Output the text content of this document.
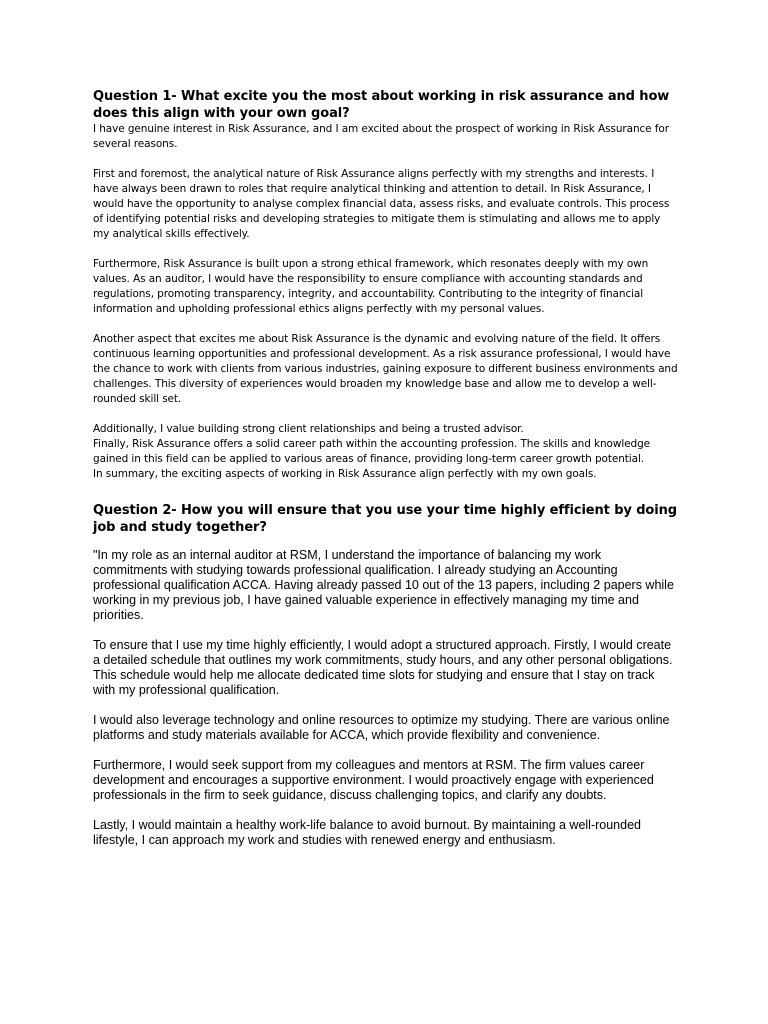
Question 1- What excite you the most about working in risk assurance and how does this align with your own goal?

I have genuine interest in Risk Assurance, and I am excited about the prospect of working in Risk Assurance for several reasons.

First and foremost, the analytical nature of Risk Assurance aligns perfectly with my strengths and interests. I have always been drawn to roles that require analytical thinking and attention to detail. In Risk Assurance, I would have the opportunity to analyse complex financial data, assess risks, and evaluate controls. This process of identifying potential risks and developing strategies to mitigate them is stimulating and allows me to apply my analytical skills effectively.

Furthermore, Risk Assurance is built upon a strong ethical framework, which resonates deeply with my own values. As an auditor, I would have the responsibility to ensure compliance with accounting standards and regulations, promoting transparency, integrity, and accountability. Contributing to the integrity of financial information and upholding professional ethics aligns perfectly with my personal values.

Another aspect that excites me about Risk Assurance is the dynamic and evolving nature of the field. It offers continuous learning opportunities and professional development. As a risk assurance professional, I would have the chance to work with clients from various industries, gaining exposure to different business environments and challenges. This diversity of experiences would broaden my knowledge base and allow me to develop a well-rounded skill set.

Additionally, I value building strong client relationships and being a trusted advisor.

Finally, Risk Assurance offers a solid career path within the accounting profession. The skills and knowledge gained in this field can be applied to various areas of finance, providing long-term career growth potential.

In summary, the exciting aspects of working in Risk Assurance align perfectly with my own goals.

Question 2- How you will ensure that you use your time highly efficient by doing job and study together?

"In my role as an internal auditor at RSM, I understand the importance of balancing my work commitments with studying towards professional qualification. I already studying an Accounting professional qualification ACCA. Having already passed 10 out of the 13 papers, including 2 papers while working in my previous job, I have gained valuable experience in effectively managing my time and priorities.

To ensure that I use my time highly efficiently, I would adopt a structured approach. Firstly, I would create a detailed schedule that outlines my work commitments, study hours, and any other personal obligations. This schedule would help me allocate dedicated time slots for studying and ensure that I stay on track with my professional qualification.

I would also leverage technology and online resources to optimize my studying. There are various online platforms and study materials available for ACCA, which provide flexibility and convenience.

Furthermore, I would seek support from my colleagues and mentors at RSM. The firm values career development and encourages a supportive environment. I would proactively engage with experienced professionals in the firm to seek guidance, discuss challenging topics, and clarify any doubts.

Lastly, I would maintain a healthy work-life balance to avoid burnout. By maintaining a well-rounded lifestyle, I can approach my work and studies with renewed energy and enthusiasm.
